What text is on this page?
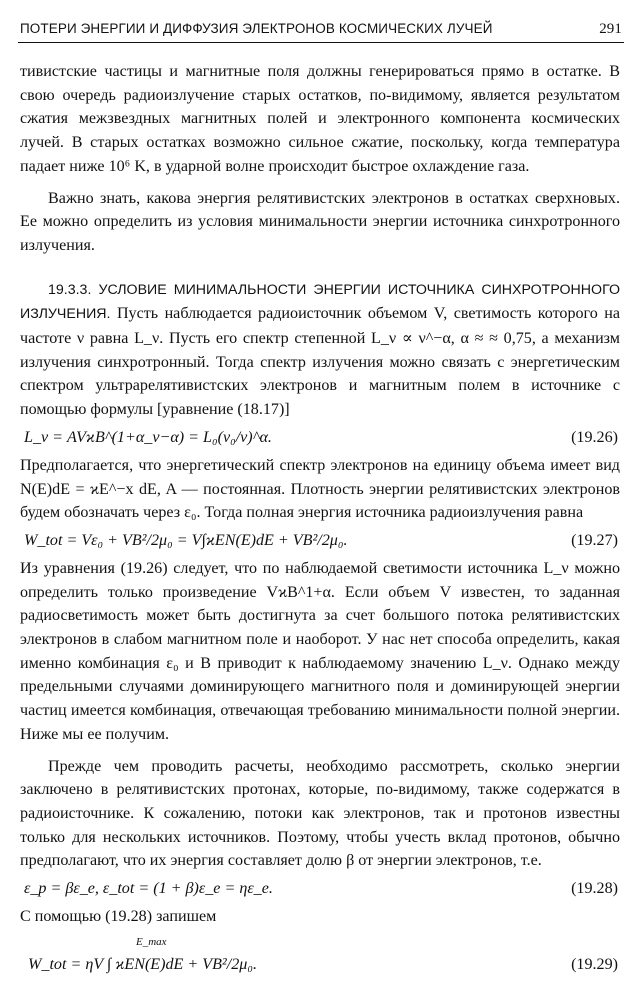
ПОТЕРИ ЭНЕРГИИ И ДИФФУЗИЯ ЭЛЕКТРОНОВ КОСМИЧЕСКИХ ЛУЧЕЙ	291

тивистские частицы и магнитные поля должны генерироваться прямо в остатке. В свою очередь радиоизлучение старых остатков, по-видимому, является результатом сжатия межзвездных магнитных полей и электронного компонента космических лучей. В старых остатках возможно сильное сжатие, поскольку, когда температура падает ниже 10⁶ K, в ударной волне происходит быстрое охлаждение газа.

Важно знать, какова энергия релятивистских электронов в остатках сверхновых. Ее можно определить из условия минимальности энергии источника синхротронного излучения.

19.3.3. УСЛОВИЕ МИНИМАЛЬНОСТИ ЭНЕРГИИ ИСТОЧНИКА СИНХРОТРОННОГО ИЗЛУЧЕНИЯ. Пусть наблюдается радиоисточник объемом V, светимость которого на частоте ν равна L_ν. Пусть его спектр степенной L_ν ∝ ν^−α, α ≈ ≈ 0,75, а механизм излучения синхротронный. Тогда спектр излучения можно связать с энергетическим спектром ультрарелятивистских электронов и магнитным полем в источнике с помощью формулы [уравнение (18.17)]

L_ν = AVϰB^(1+α_ν−α) = L₀(ν₀/ν)^α.	(19.26)

Предполагается, что энергетический спектр электронов на единицу объема имеет вид N(E)dE = ϰE^−x dE, A — постоянная. Плотность энергии релятивистских электронов будем обозначать через ε₀. Тогда полная энергия источника радиоизлучения равна

W_tot = Vε₀ + VB²/2μ₀ = V∫ϰEN(E)dE + VB²/2μ₀.	(19.27)

Из уравнения (19.26) следует, что по наблюдаемой светимости источника L_ν можно определить только произведение VϰB^1+α. Если объем V известен, то заданная радиосветимость может быть достигнута за счет большого потока релятивистских электронов в слабом магнитном поле и наоборот. У нас нет способа определить, какая именно комбинация ε₀ и B приводит к наблюдаемому значению L_ν. Однако между предельными случаями доминирующего магнитного поля и доминирующей энергии частиц имеется комбинация, отвечающая требованию минимальности полной энергии. Ниже мы ее получим.

Прежде чем проводить расчеты, необходимо рассмотреть, сколько энергии заключено в релятивистских протонах, которые, по-видимому, также содержатся в радиоисточнике. К сожалению, потоки как электронов, так и протонов известны только для нескольких источников. Поэтому, чтобы учесть вклад протонов, обычно предполагают, что их энергия составляет долю β от энергии электронов, т.е.

ε_p = βε_e, ε_tot = (1 + β)ε_e = ηε_e.	(19.28)

С помощью (19.28) запишем

E_max
W_tot = ηV ∫ ϰEN(E)dE + VB²/2μ₀.	(19.29)
